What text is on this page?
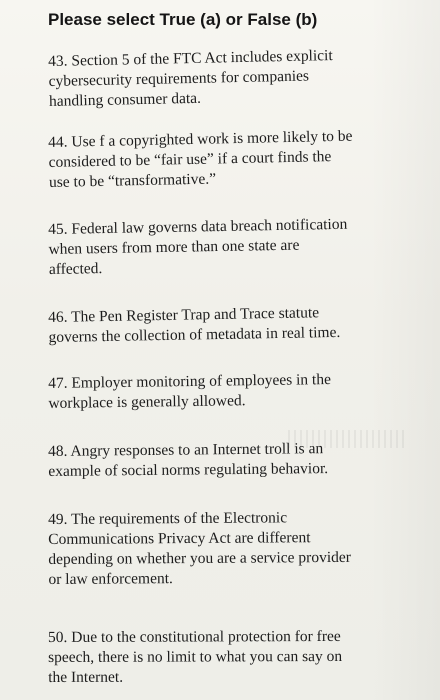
Please select True (a) or False (b)
43. Section 5 of the FTC Act includes explicit
cybersecurity requirements for companies
handling consumer data.
44. Use f a copyrighted work is more likely to be
considered to be “fair use” if a court finds the
use to be “transformative.”
45. Federal law governs data breach notification
when users from more than one state are
affected.
46. The Pen Register Trap and Trace statute
governs the collection of metadata in real time.
47. Employer monitoring of employees in the
workplace is generally allowed.
48. Angry responses to an Internet troll is an
example of social norms regulating behavior.
49. The requirements of the Electronic
Communications Privacy Act are different
depending on whether you are a service provider
or law enforcement.
50. Due to the constitutional protection for free
speech, there is no limit to what you can say on
the Internet.
